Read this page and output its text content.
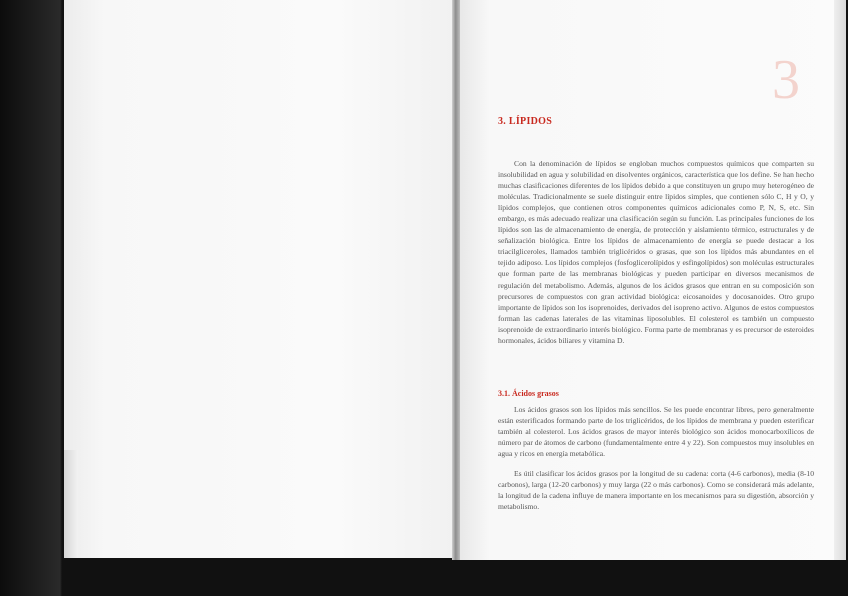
3
3. LÍPIDOS

Con la denominación de lípidos se engloban muchos compuestos químicos que comparten su insolubilidad en agua y solubilidad en disolventes orgánicos, característica que los define. Se han hecho muchas clasificaciones diferentes de los lípidos debido a que constituyen un grupo muy heterogéneo de moléculas. Tradicionalmente se suele distinguir entre lípidos simples, que contienen sólo C, H y O, y lípidos complejos, que contienen otros componentes químicos adicionales como P, N, S, etc. Sin embargo, es más adecuado realizar una clasificación según su función. Las principales funciones de los lípidos son las de almacenamiento de energía, de protección y aislamiento térmico, estructurales y de señalización biológica. Entre los lípidos de almacenamiento de energía se puede destacar a los triacilgliceroles, llamados también triglicéridos o grasas, que son los lípidos más abundantes en el tejido adiposo. Los lípidos complejos (fosfoglicerolípidos y esfingolípidos) son moléculas estructurales que forman parte de las membranas biológicas y pueden participar en diversos mecanismos de regulación del metabolismo. Además, algunos de los ácidos grasos que entran en su composición son precursores de compuestos con gran actividad biológica: eicosanoides y docosanoides. Otro grupo importante de lípidos son los isoprenoides, derivados del isopreno activo. Algunos de estos compuestos forman las cadenas laterales de las vitaminas liposolubles. El colesterol es también un compuesto isoprenoide de extraordinario interés biológico. Forma parte de membranas y es precursor de esteroides hormonales, ácidos biliares y vitamina D.

3.1. Ácidos grasos

Los ácidos grasos son los lípidos más sencillos. Se les puede encontrar libres, pero generalmente están esterificados formando parte de los triglicéridos, de los lípidos de membrana y pueden esterificar también al colesterol. Los ácidos grasos de mayor interés biológico son ácidos monocarboxílicos de número par de átomos de carbono (fundamentalmente entre 4 y 22). Son compuestos muy insolubles en agua y ricos en energía metabólica.

Es útil clasificar los ácidos grasos por la longitud de su cadena: corta (4-6 carbonos), media (8-10 carbonos), larga (12-20 carbonos) y muy larga (22 o más carbonos). Como se considerará más adelante, la longitud de la cadena influye de manera importante en los mecanismos para su digestión, absorción y metabolismo.
